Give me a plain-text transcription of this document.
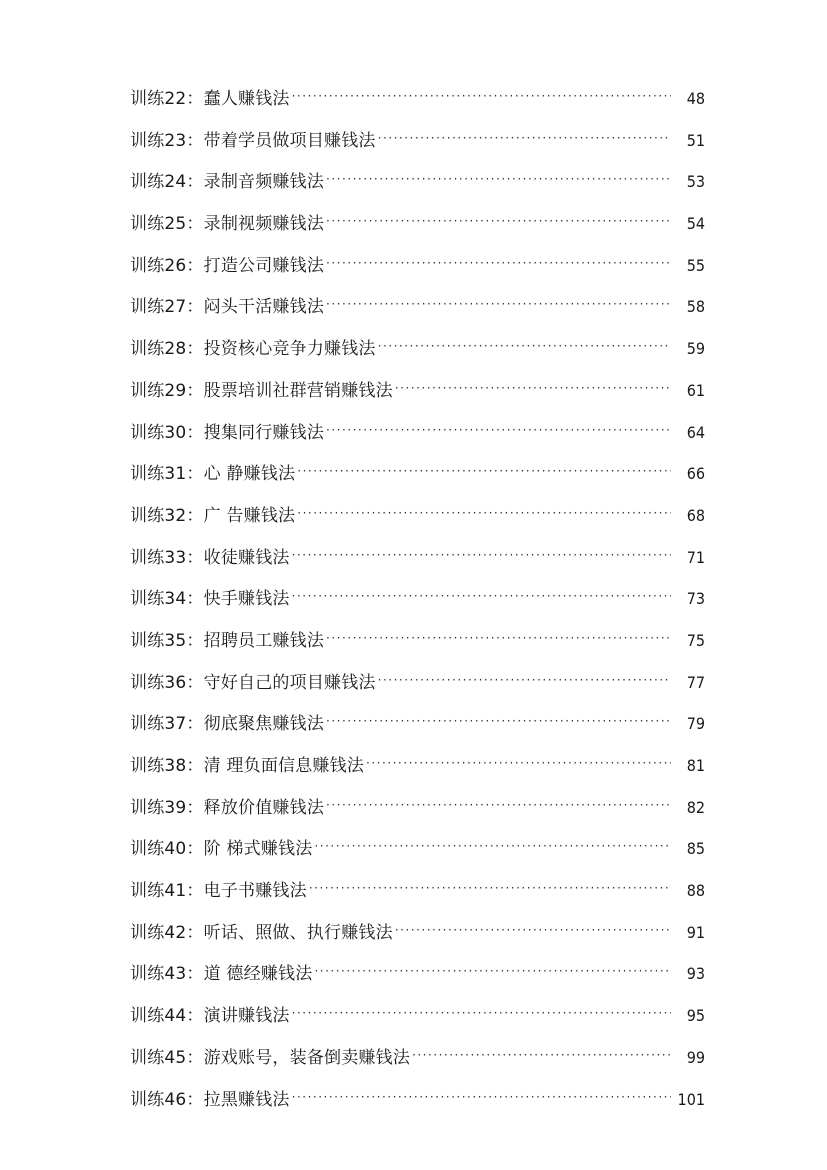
训练22：蠢人赚钱法 ·····	48
训练23：带着学员做项目赚钱法 ·····	51
训练24：录制音频赚钱法 ·····	53
训练25：录制视频赚钱法 ·····	54
训练26：打造公司赚钱法 ·····	55
训练27：闷头干活赚钱法 ·····	58
训练28：投资核心竞争力赚钱法 ·····	59
训练29：股票培训社群营销赚钱法 ·····	61
训练30：搜集同行赚钱法 ·····	64
训练31：心 静赚钱法 ·····	66
训练32：广 告赚钱法 ·····	68
训练33：收徒赚钱法 ·····	71
训练34：快手赚钱法 ·····	73
训练35：招聘员工赚钱法 ·····	75
训练36：守好自己的项目赚钱法 ·····	77
训练37：彻底聚焦赚钱法 ·····	79
训练38：清 理负面信息赚钱法 ·····	81
训练39：释放价值赚钱法 ·····	82
训练40：阶 梯式赚钱法 ·····	85
训练41：电子书赚钱法 ·····	88
训练42：听话、照做、执行赚钱法 ·····	91
训练43：道 德经赚钱法 ·····	93
训练44：演讲赚钱法 ·····	95
训练45：游戏账号，装备倒卖赚钱法 ·····	99
训练46：拉黑赚钱法 ·····	101
